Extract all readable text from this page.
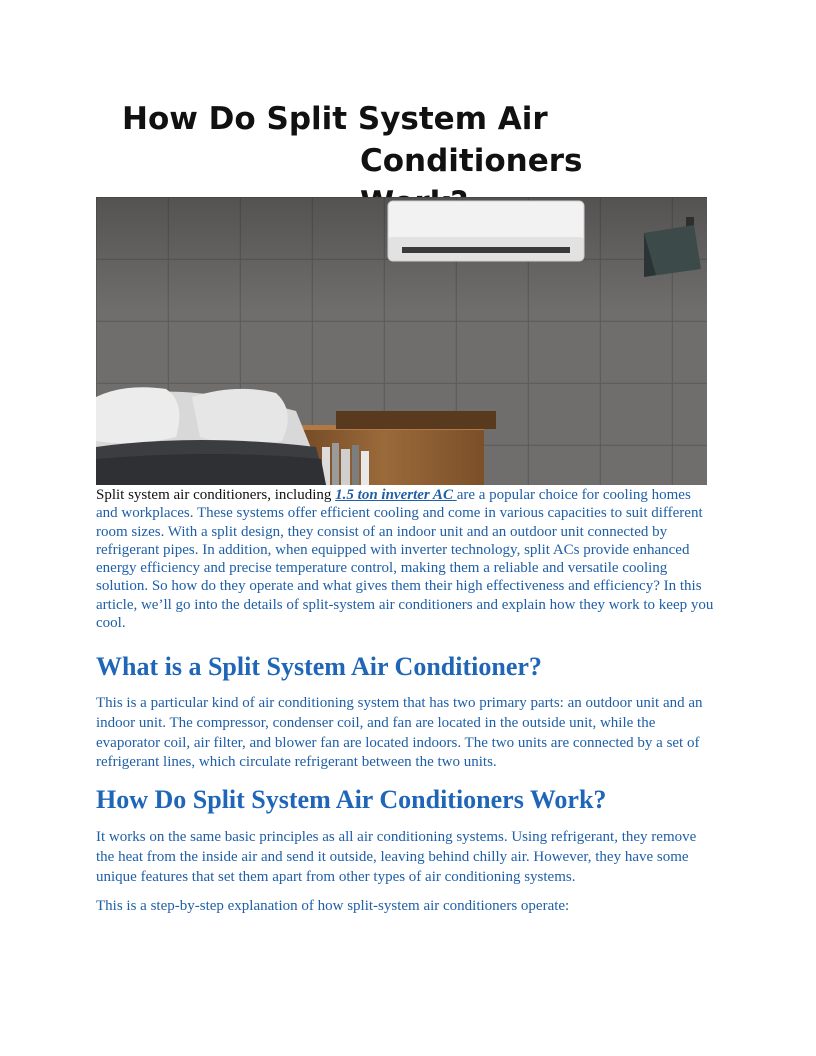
How Do Split System Air
Conditioners

Split system air conditioners, including 1.5 ton inverter AC are a popular choice for cooling homes and workplaces. These systems offer efficient cooling and come in various capacities to suit different room sizes. With a split design, they consist of an indoor unit and an outdoor unit connected by refrigerant pipes. In addition, when equipped with inverter technology, split ACs provide enhanced energy efficiency and precise temperature control, making them a reliable and versatile cooling solution. So how do they operate and what gives them their high effectiveness and efficiency? In this article, we’ll go into the details of split-system air conditioners and explain how they work to keep you cool.

What is a Split System Air Conditioner?

This is a particular kind of air conditioning system that has two primary parts: an outdoor unit and an indoor unit. The compressor, condenser coil, and fan are located in the outside unit, while the evaporator coil, air filter, and blower fan are located indoors. The two units are connected by a set of refrigerant lines, which circulate refrigerant between the two units.

How Do Split System Air Conditioners Work?

It works on the same basic principles as all air conditioning systems. Using refrigerant, they remove the heat from the inside air and send it outside, leaving behind chilly air. However, they have some unique features that set them apart from other types of air conditioning systems.

This is a step-by-step explanation of how split-system air conditioners operate:
